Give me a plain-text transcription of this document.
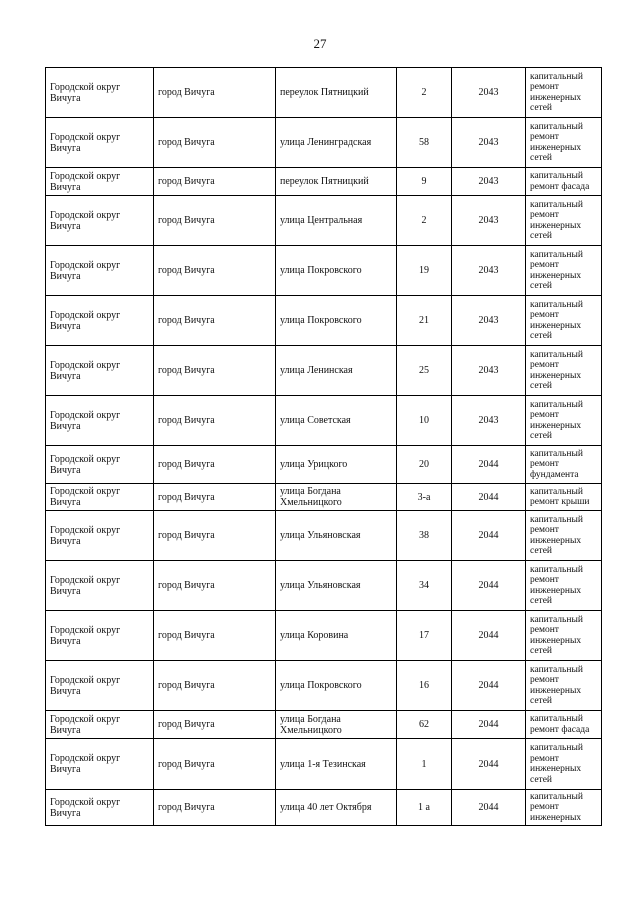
27
Городской округ Вичуга	город Вичуга	переулок Пятницкий	2	2043	капитальный ремонт инженерных сетей
Городской округ Вичуга	город Вичуга	улица Ленинградская	58	2043	капитальный ремонт инженерных сетей
Городской округ Вичуга	город Вичуга	переулок Пятницкий	9	2043	капитальный ремонт фасада
Городской округ Вичуга	город Вичуга	улица Центральная	2	2043	капитальный ремонт инженерных сетей
Городской округ Вичуга	город Вичуга	улица Покровского	19	2043	капитальный ремонт инженерных сетей
Городской округ Вичуга	город Вичуга	улица Покровского	21	2043	капитальный ремонт инженерных сетей
Городской округ Вичуга	город Вичуга	улица Ленинская	25	2043	капитальный ремонт инженерных сетей
Городской округ Вичуга	город Вичуга	улица Советская	10	2043	капитальный ремонт инженерных сетей
Городской округ Вичуга	город Вичуга	улица Урицкого	20	2044	капитальный ремонт фундамента
Городской округ Вичуга	город Вичуга	улица Богдана Хмельницкого	3-а	2044	капитальный ремонт крыши
Городской округ Вичуга	город Вичуга	улица Ульяновская	38	2044	капитальный ремонт инженерных сетей
Городской округ Вичуга	город Вичуга	улица Ульяновская	34	2044	капитальный ремонт инженерных сетей
Городской округ Вичуга	город Вичуга	улица Коровина	17	2044	капитальный ремонт инженерных сетей
Городской округ Вичуга	город Вичуга	улица Покровского	16	2044	капитальный ремонт инженерных сетей
Городской округ Вичуга	город Вичуга	улица Богдана Хмельницкого	62	2044	капитальный ремонт фасада
Городской округ Вичуга	город Вичуга	улица 1-я Тезинская	1	2044	капитальный ремонт инженерных сетей
Городской округ Вичуга	город Вичуга	улица 40 лет Октября	1 а	2044	капитальный ремонт инженерных
